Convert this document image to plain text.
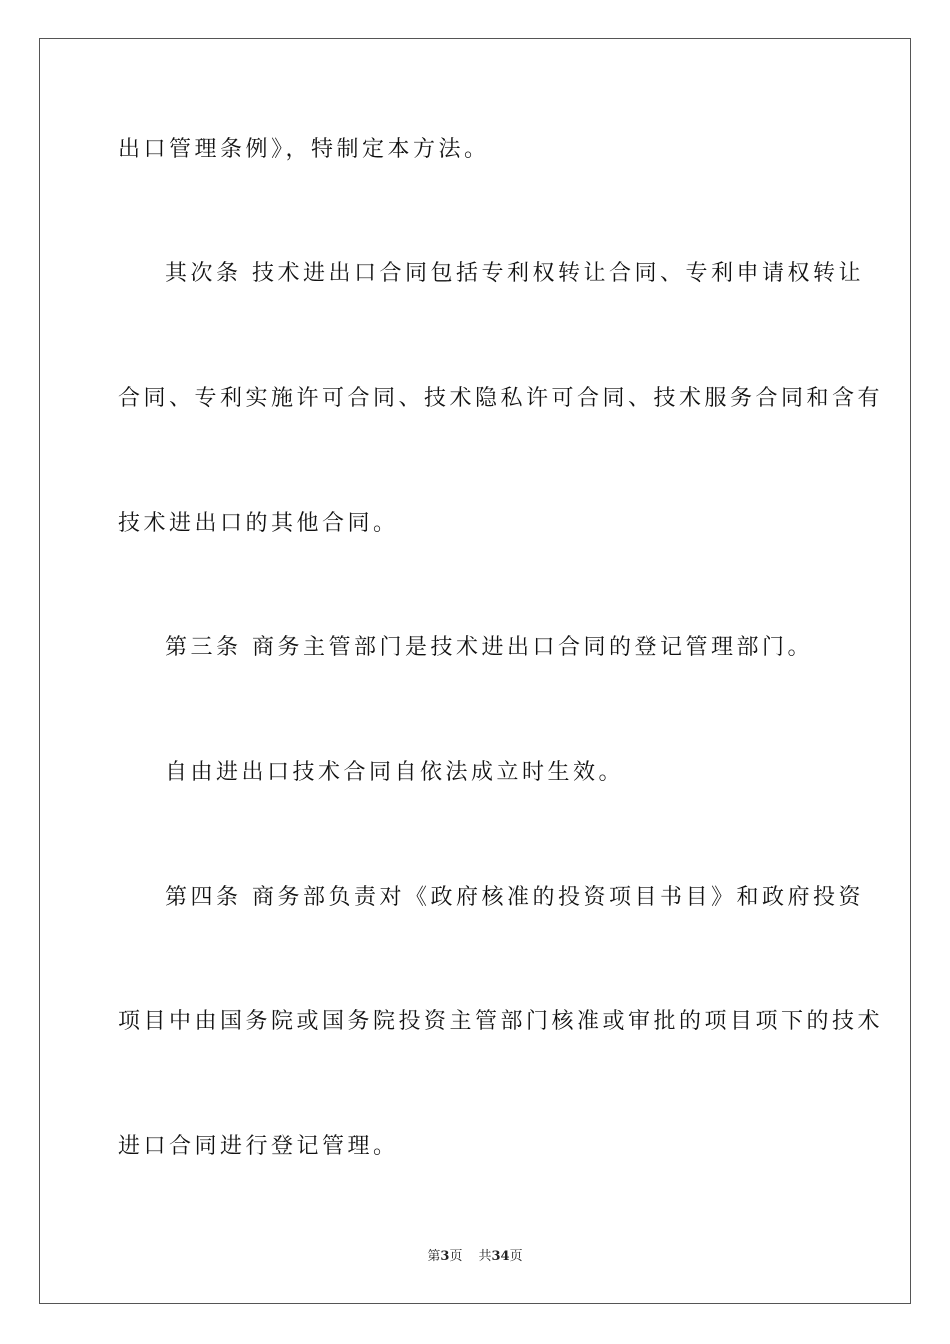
出口管理条例》，特制定本方法。
其次条 技术进出口合同包括专利权转让合同、专利申请权转让
合同、专利实施许可合同、技术隐私许可合同、技术服务合同和含有
技术进出口的其他合同。
第三条 商务主管部门是技术进出口合同的登记管理部门。
自由进出口技术合同自依法成立时生效。
第四条 商务部负责对《政府核准的投资项目书目》和政府投资
项目中由国务院或国务院投资主管部门核准或审批的项目项下的技术
进口合同进行登记管理。
第3页 共34页
